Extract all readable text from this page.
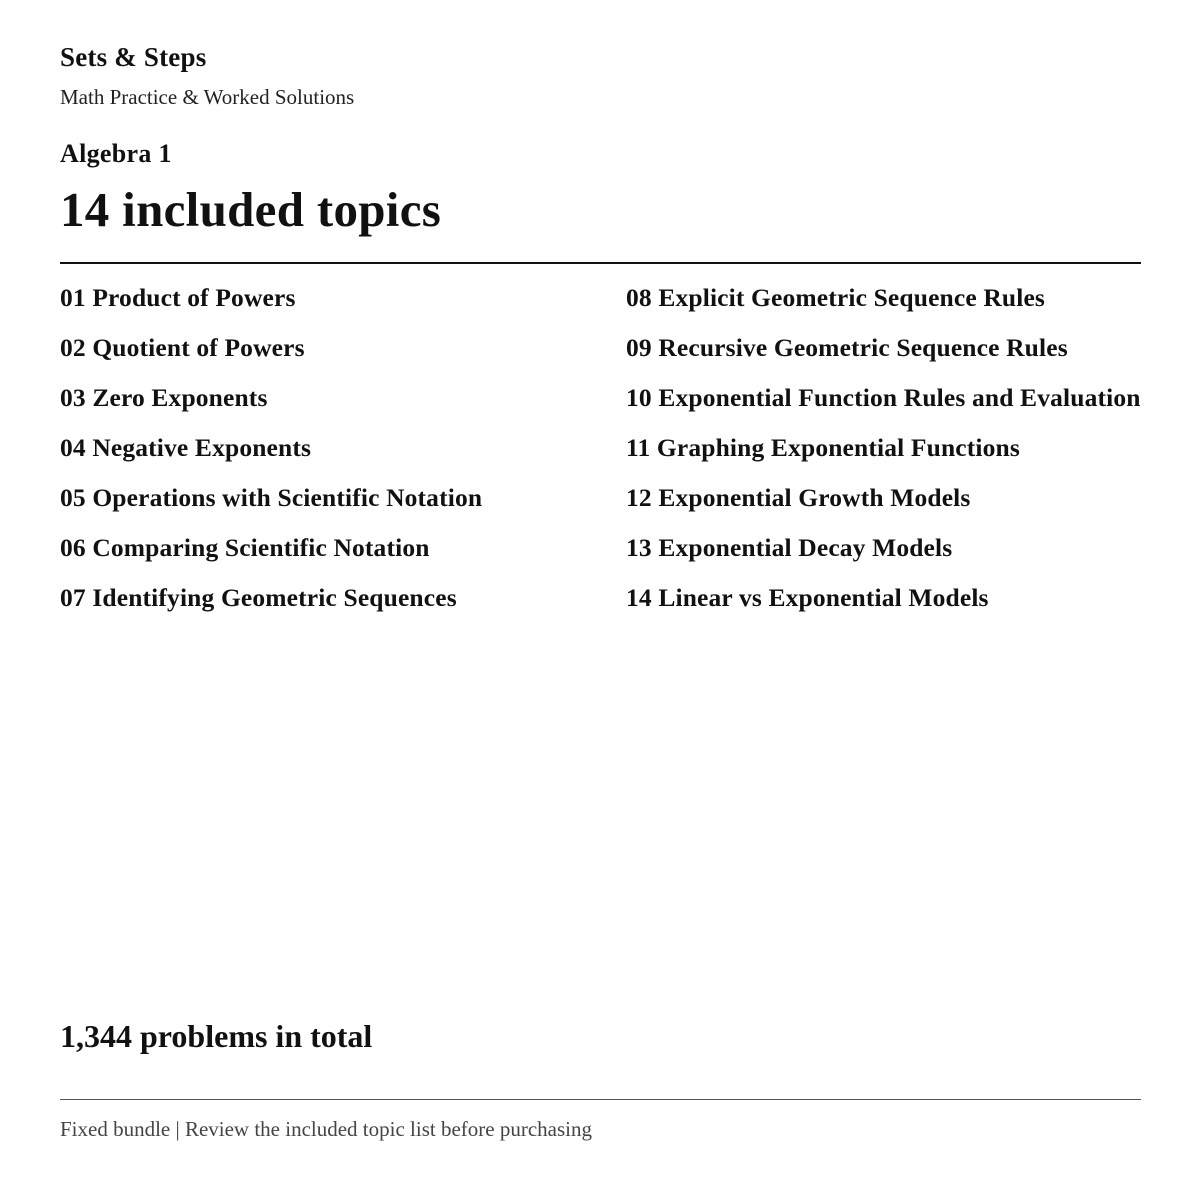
Sets & Steps
Math Practice & Worked Solutions
Algebra 1
14 included topics
01 Product of Powers
02 Quotient of Powers
03 Zero Exponents
04 Negative Exponents
05 Operations with Scientific Notation
06 Comparing Scientific Notation
07 Identifying Geometric Sequences
08 Explicit Geometric Sequence Rules
09 Recursive Geometric Sequence Rules
10 Exponential Function Rules and Evaluation
11 Graphing Exponential Functions
12 Exponential Growth Models
13 Exponential Decay Models
14 Linear vs Exponential Models
1,344 problems in total
Fixed bundle | Review the included topic list before purchasing
